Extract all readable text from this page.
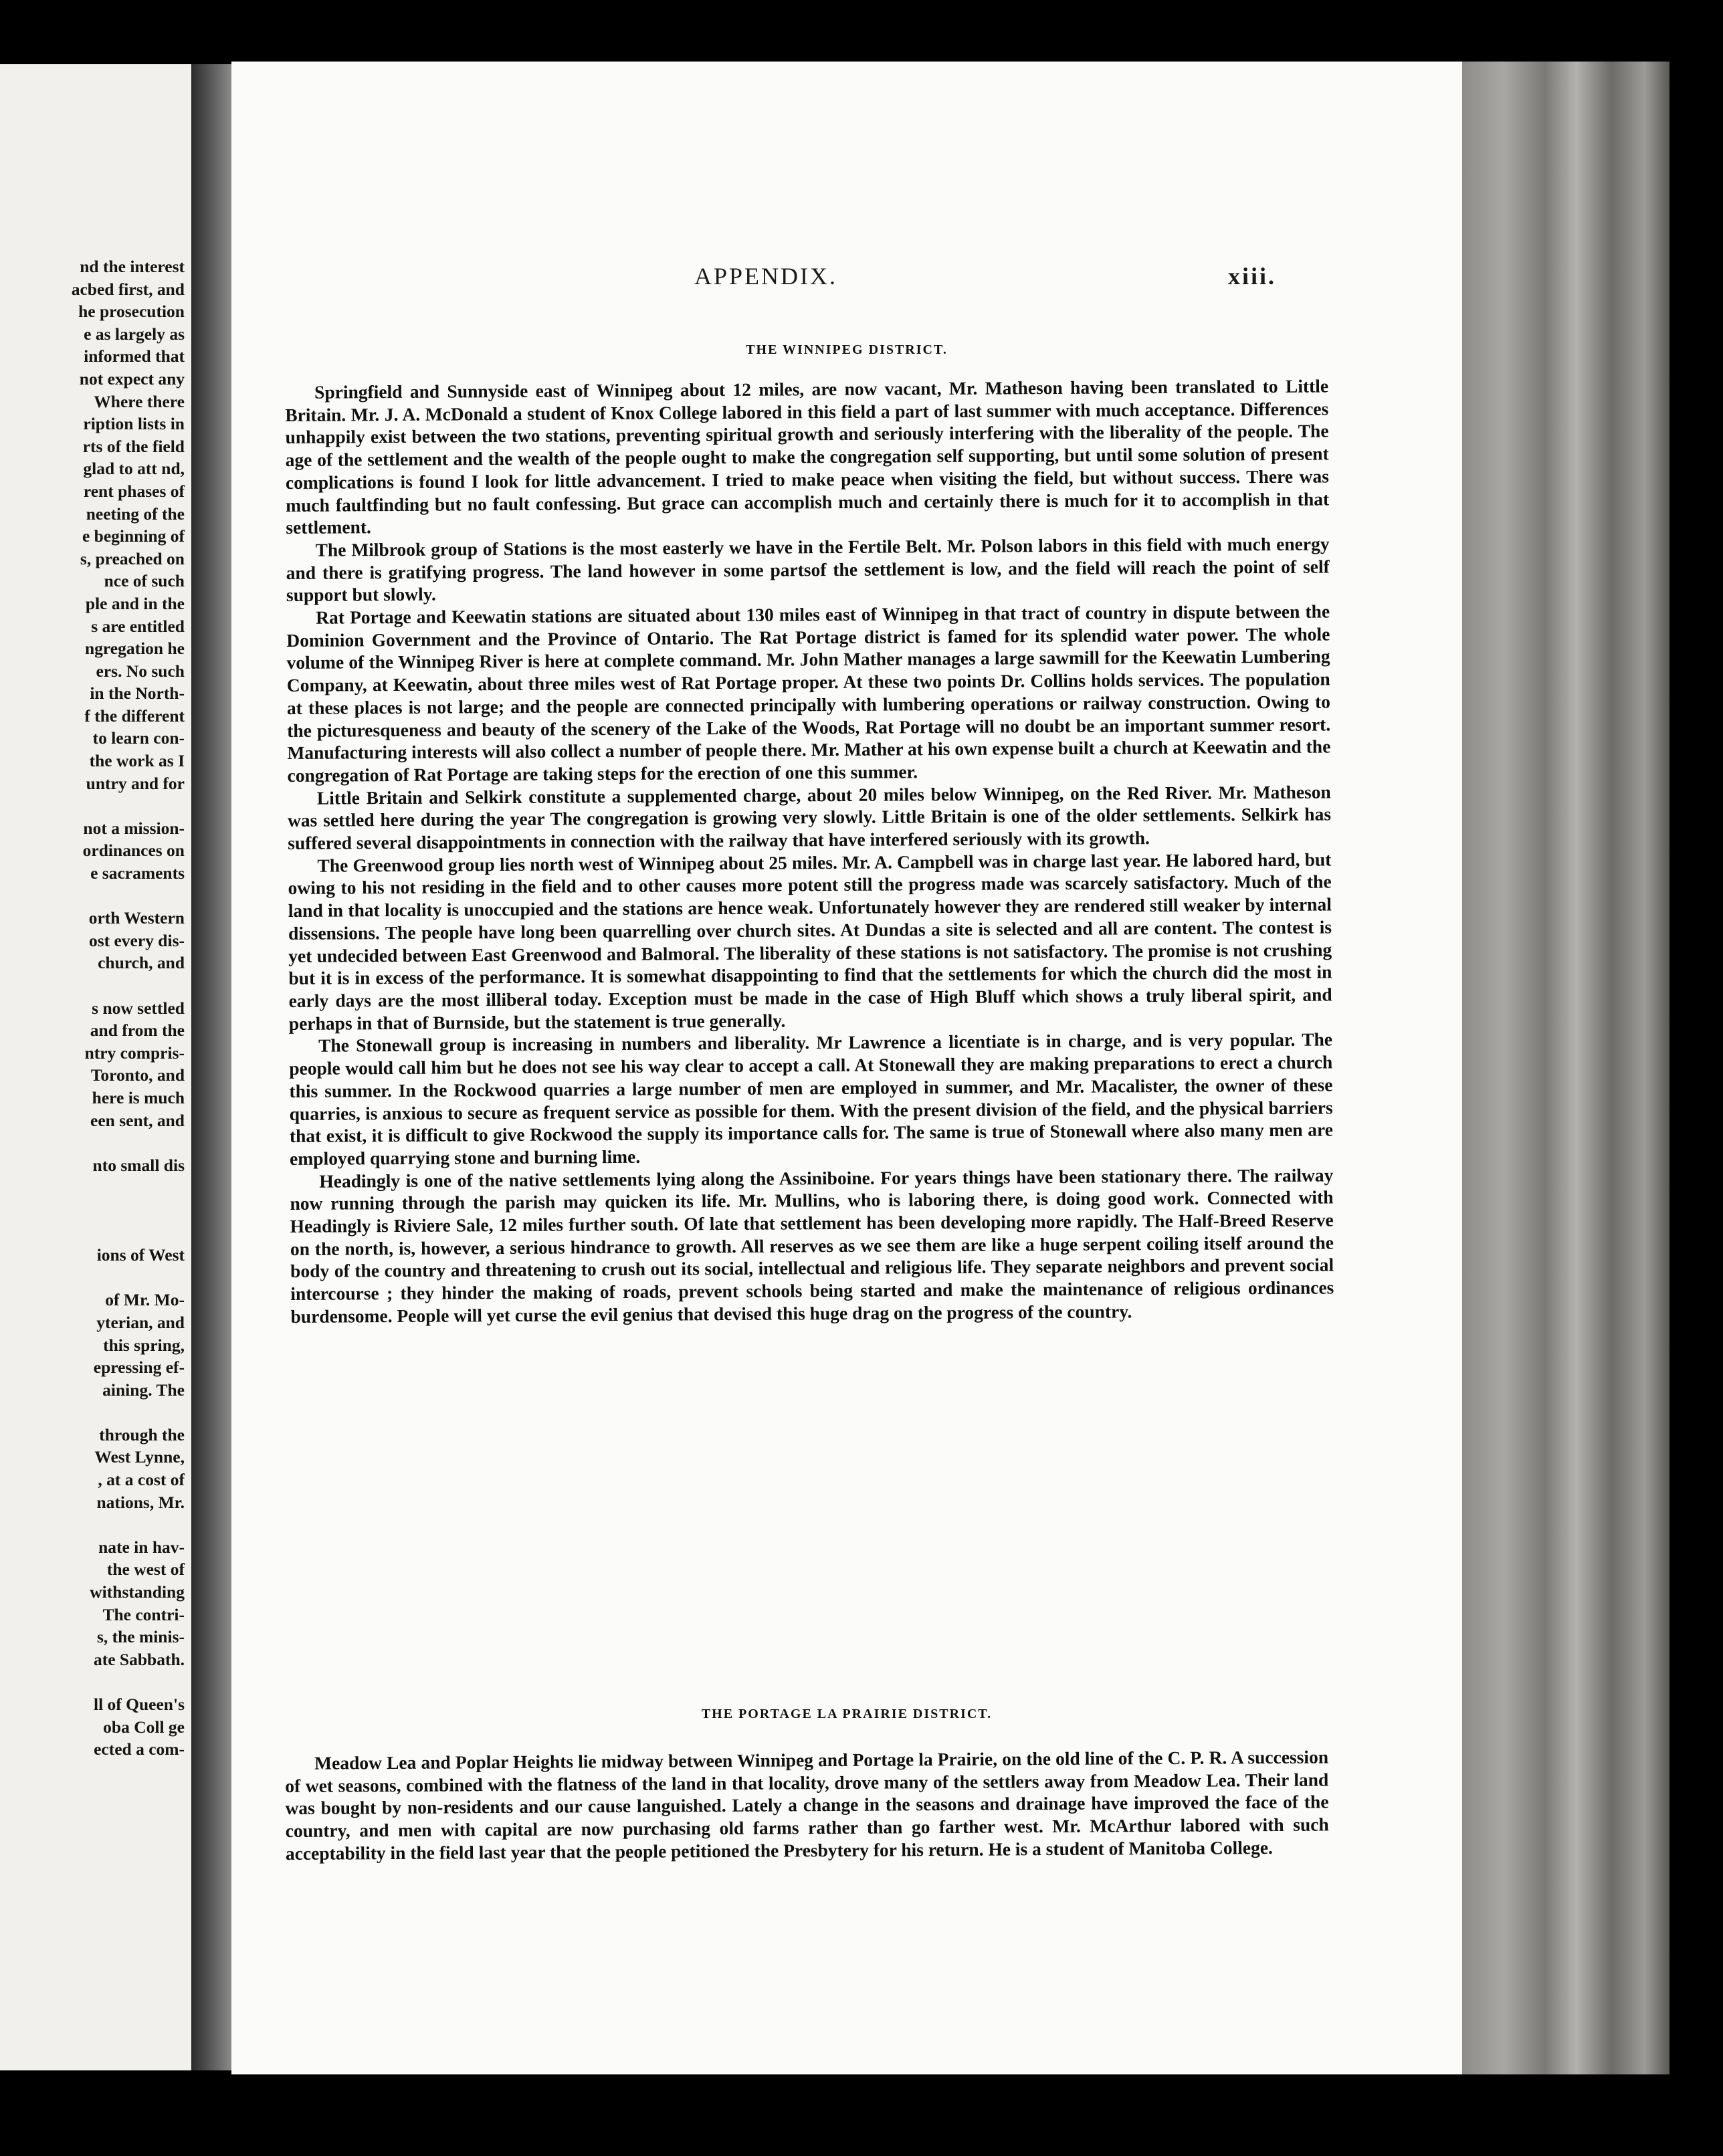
nd the interest
acbed first, and
he prosecution
e as largely as
informed that
not expect any
Where there
ription lists in
rts of the field
glad to att nd,
rent phases of
neeting of the
e beginning of
s, preached on
nce of such
ple and in the
s are entitled
ngregation he
ers. No such
in the North-
f the different
to learn con-
the work as I
untry and for
not a mission-
ordinances on
e sacraments
orth Western
ost every dis-
church, and
s now settled
and from the
ntry compris-
Toronto, and
here is much
een sent, and
nto small dis
ions of West
of Mr. Mo-
yterian, and
this spring,
epressing ef-
aining. The
through the
West Lynne,
, at a cost of
nations, Mr.
nate in hav-
the west of
withstanding
The contri-
s, the minis-
ate Sabbath.
ll of Queen's
oba Coll ge
ected a com-
APPENDIX.	xiii.
THE WINNIPEG DISTRICT.

Springfield and Sunnyside east of Winnipeg about 12 miles, are now vacant, Mr. Matheson having been translated to Little Britain. Mr. J. A. McDonald a student of Knox College labored in this field a part of last summer with much acceptance. Differences unhappily exist between the two stations, preventing spiritual growth and seriously interfering with the liberality of the people. The age of the settlement and the wealth of the people ought to make the congregation self supporting, but until some solution of present complications is found I look for little advancement. I tried to make peace when visiting the field, but without success. There was much faultfinding but no fault confessing. But grace can accomplish much and certainly there is much for it to accomplish in that settlement.

The Milbrook group of Stations is the most easterly we have in the Fertile Belt. Mr. Polson labors in this field with much energy and there is gratifying progress. The land however in some partsof the settlement is low, and the field will reach the point of self support but slowly.

Rat Portage and Keewatin stations are situated about 130 miles east of Winnipeg in that tract of country in dispute between the Dominion Government and the Province of Ontario. The Rat Portage district is famed for its splendid water power. The whole volume of the Winnipeg River is here at complete command. Mr. John Mather manages a large sawmill for the Keewatin Lumbering Company, at Keewatin, about three miles west of Rat Portage proper. At these two points Dr. Collins holds services. The population at these places is not large; and the people are connected principally with lumbering operations or railway construction. Owing to the picturesqueness and beauty of the scenery of the Lake of the Woods, Rat Portage will no doubt be an important summer resort. Manufacturing interests will also collect a number of people there. Mr. Mather at his own expense built a church at Keewatin and the congregation of Rat Portage are taking steps for the erection of one this summer.

Little Britain and Selkirk constitute a supplemented charge, about 20 miles below Winnipeg, on the Red River. Mr. Matheson was settled here during the year The congregation is growing very slowly. Little Britain is one of the older settlements. Selkirk has suffered several disappointments in connection with the railway that have interfered seriously with its growth.

The Greenwood group lies north west of Winnipeg about 25 miles. Mr. A. Campbell was in charge last year. He labored hard, but owing to his not residing in the field and to other causes more potent still the progress made was scarcely satisfactory. Much of the land in that locality is unoccupied and the stations are hence weak. Unfortunately however they are rendered still weaker by internal dissensions. The people have long been quarrelling over church sites. At Dundas a site is selected and all are content. The contest is yet undecided between East Greenwood and Balmoral. The liberality of these stations is not satisfactory. The promise is not crushing but it is in excess of the performance. It is somewhat disappointing to find that the settlements for which the church did the most in early days are the most illiberal today. Exception must be made in the case of High Bluff which shows a truly liberal spirit, and perhaps in that of Burnside, but the statement is true generally.

The Stonewall group is increasing in numbers and liberality. Mr Lawrence a licentiate is in charge, and is very popular. The people would call him but he does not see his way clear to accept a call. At Stonewall they are making preparations to erect a church this summer. In the Rockwood quarries a large number of men are employed in summer, and Mr. Macalister, the owner of these quarries, is anxious to secure as frequent service as possible for them. With the present division of the field, and the physical barriers that exist, it is difficult to give Rockwood the supply its importance calls for. The same is true of Stonewall where also many men are employed quarrying stone and burning lime.

Headingly is one of the native settlements lying along the Assiniboine. For years things have been stationary there. The railway now running through the parish may quicken its life. Mr. Mullins, who is laboring there, is doing good work. Connected with Headingly is Riviere Sale, 12 miles further south. Of late that settlement has been developing more rapidly. The Half-Breed Reserve on the north, is, however, a serious hindrance to growth. All reserves as we see them are like a huge serpent coiling itself around the body of the country and threatening to crush out its social, intellectual and religious life. They separate neighbors and prevent social intercourse ; they hinder the making of roads, prevent schools being started and make the maintenance of religious ordinances burdensome. People will yet curse the evil genius that devised this huge drag on the progress of the country.

THE PORTAGE LA PRAIRIE DISTRICT.

Meadow Lea and Poplar Heights lie midway between Winnipeg and Portage la Prairie, on the old line of the C. P. R. A succession of wet seasons, combined with the flatness of the land in that locality, drove many of the settlers away from Meadow Lea. Their land was bought by non-residents and our cause languished. Lately a change in the seasons and drainage have improved the face of the country, and men with capital are now purchasing old farms rather than go farther west. Mr. McArthur labored with such acceptability in the field last year that the people petitioned the Presbytery for his return. He is a student of Manitoba College.
